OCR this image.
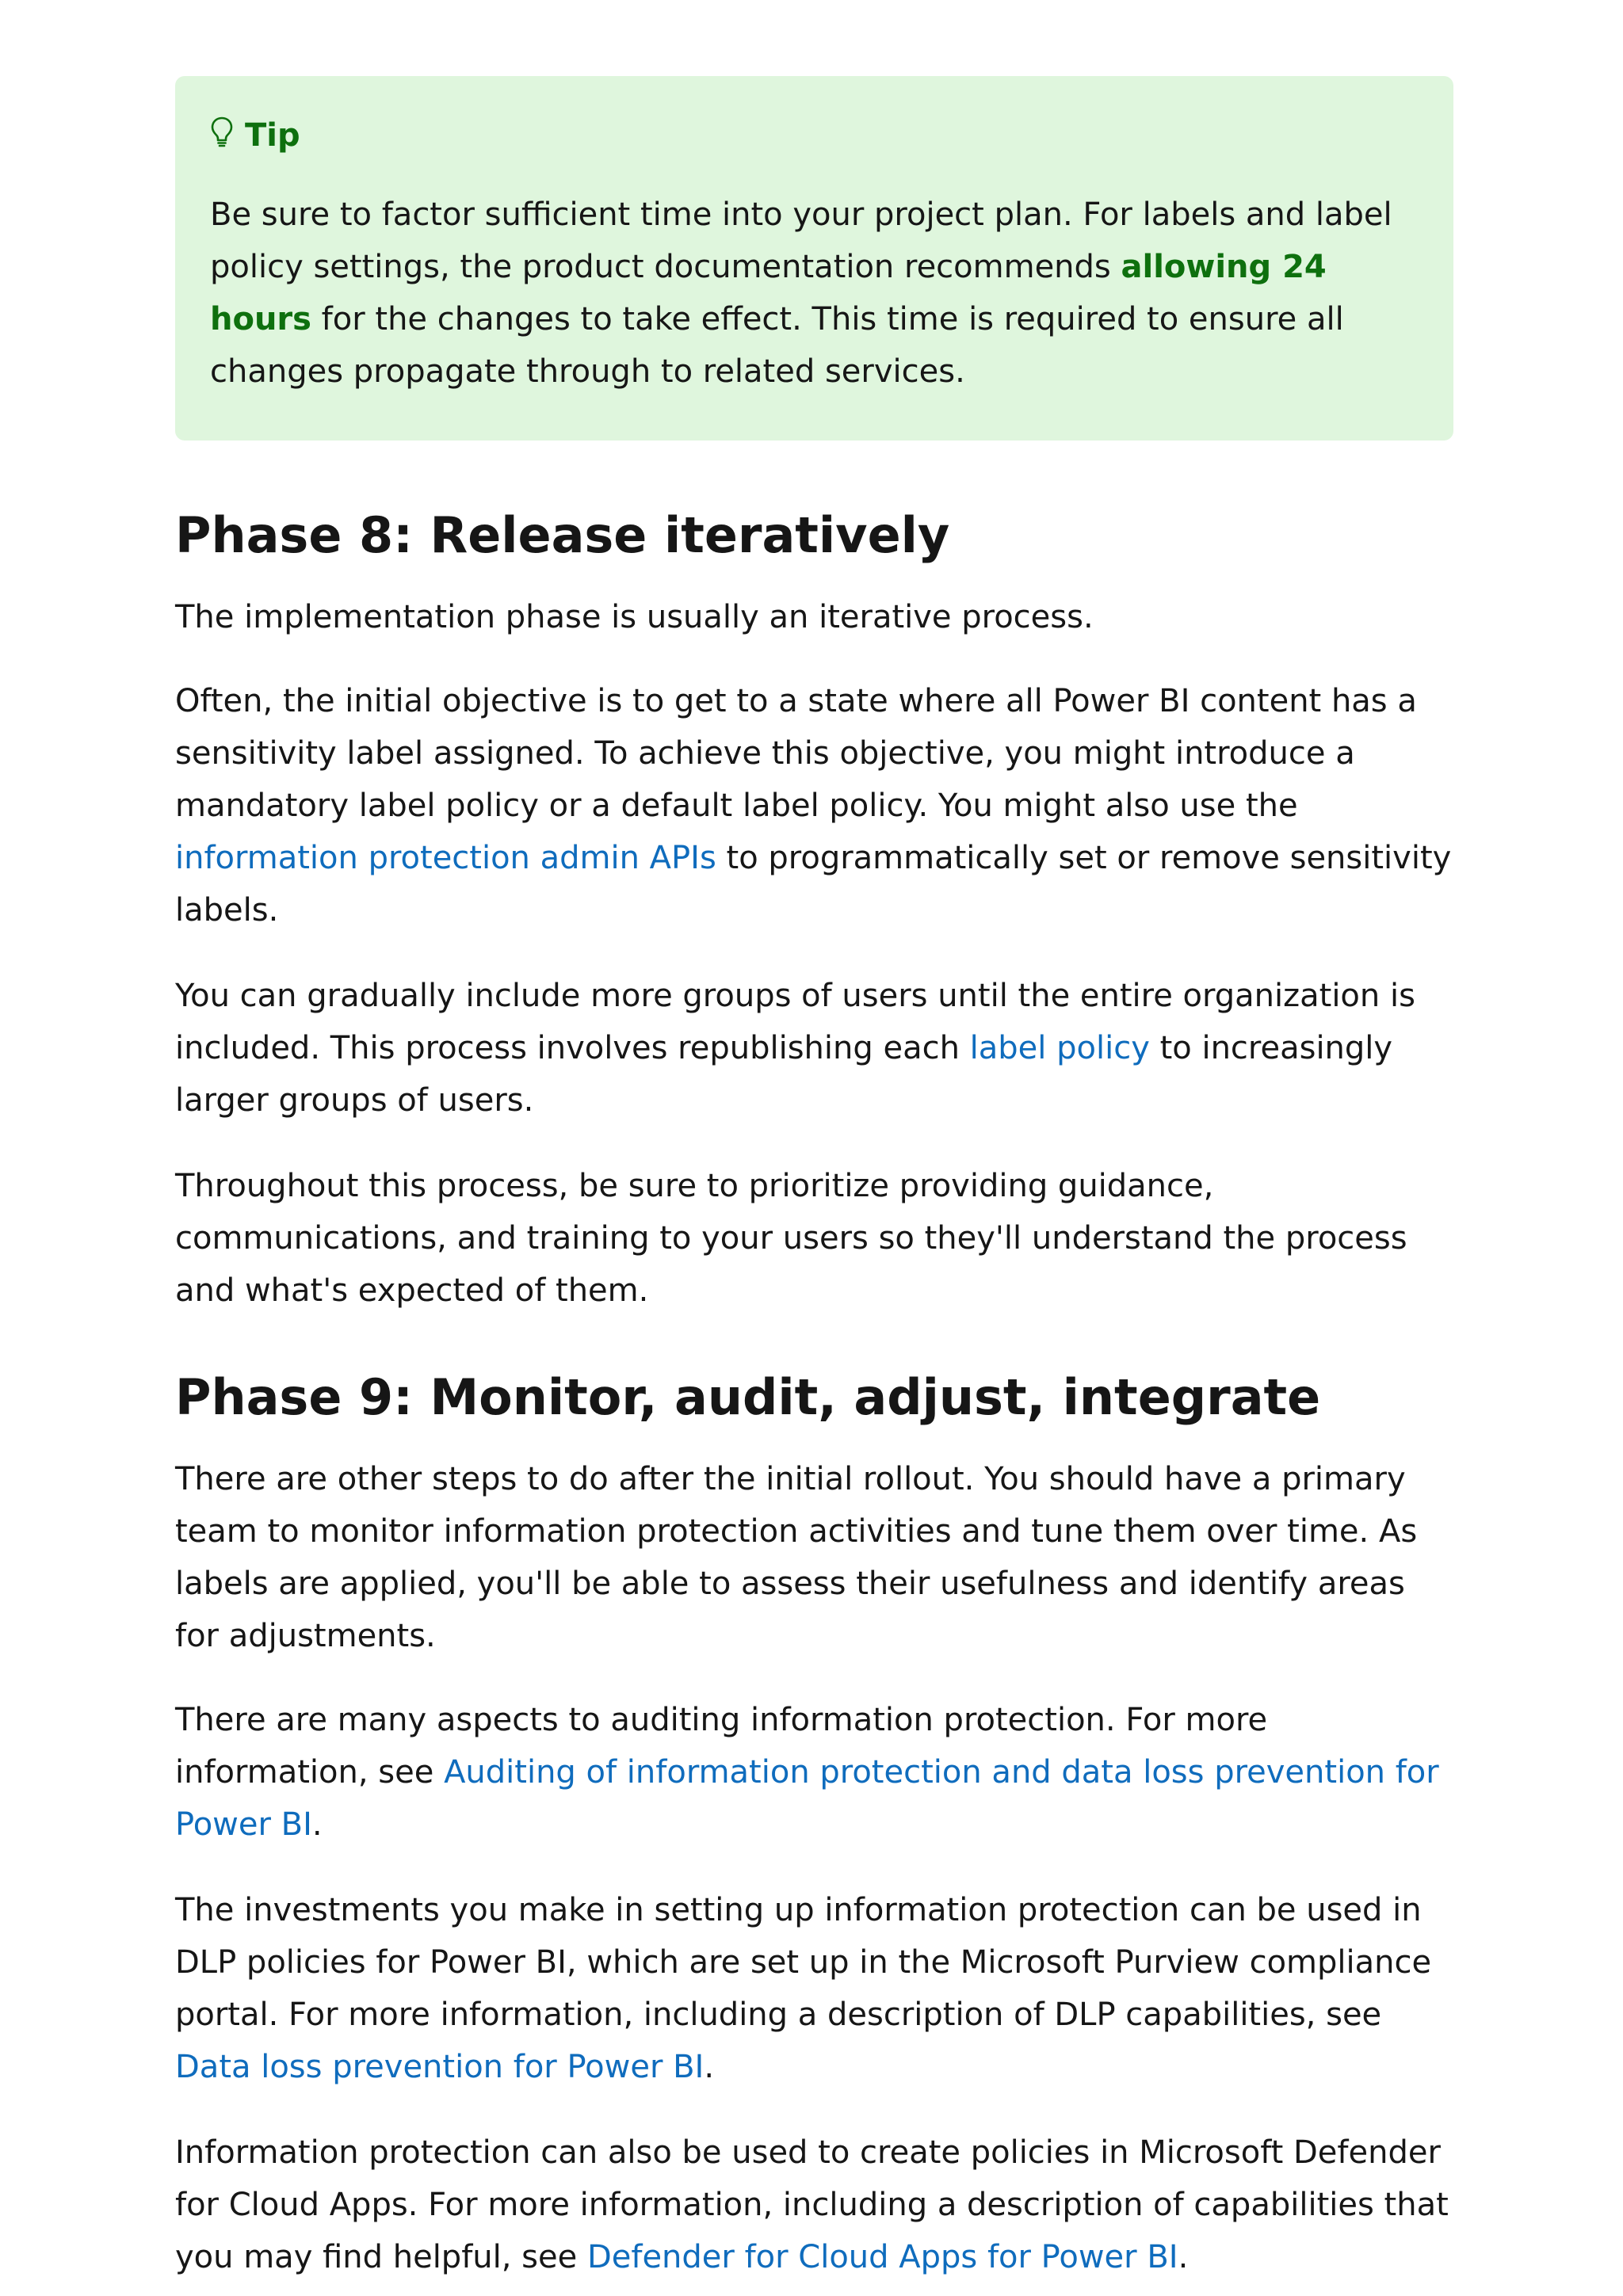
Tip
Be sure to factor sufficient time into your project plan. For labels and label policy settings, the product documentation recommends allowing 24 hours for the changes to take effect. This time is required to ensure all changes propagate through to related services.
Phase 8: Release iteratively

The implementation phase is usually an iterative process.

Often, the initial objective is to get to a state where all Power BI content has a sensitivity label assigned. To achieve this objective, you might introduce a mandatory label policy or a default label policy. You might also use the information protection admin APIs to programmatically set or remove sensitivity labels.

You can gradually include more groups of users until the entire organization is included. This process involves republishing each label policy to increasingly larger groups of users.

Throughout this process, be sure to prioritize providing guidance, communications, and training to your users so they'll understand the process and what's expected of them.

Phase 9: Monitor, audit, adjust, integrate

There are other steps to do after the initial rollout. You should have a primary team to monitor information protection activities and tune them over time. As labels are applied, you'll be able to assess their usefulness and identify areas for adjustments.

There are many aspects to auditing information protection. For more information, see Auditing of information protection and data loss prevention for Power BI.

The investments you make in setting up information protection can be used in DLP policies for Power BI, which are set up in the Microsoft Purview compliance portal. For more information, including a description of DLP capabilities, see Data loss prevention for Power BI.

Information protection can also be used to create policies in Microsoft Defender for Cloud Apps. For more information, including a description of capabilities that you may find helpful, see Defender for Cloud Apps for Power BI.
